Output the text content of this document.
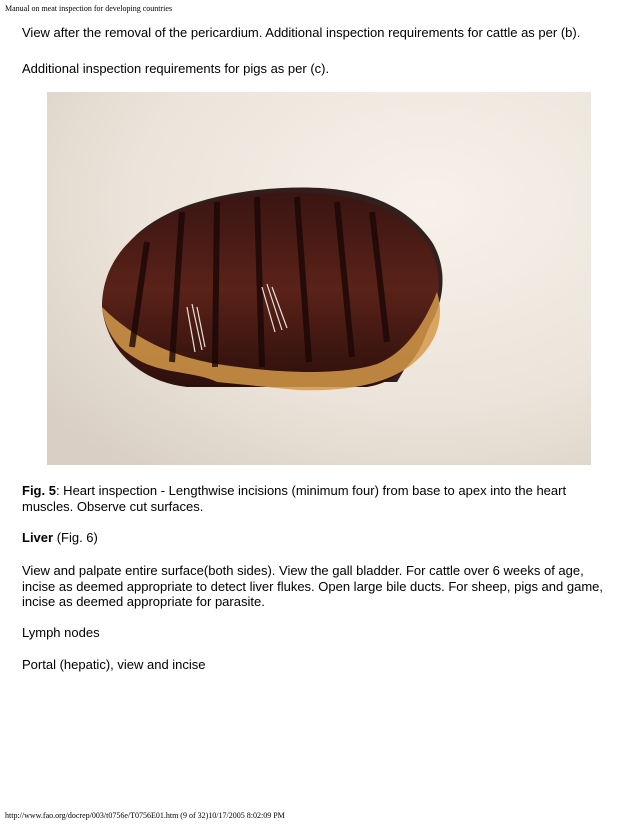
Manual on meat inspection for developing countries

View after the removal of the pericardium. Additional inspection requirements for cattle as per (b).

Additional inspection requirements for pigs as per (c).

Fig. 5: Heart inspection - Lengthwise incisions (minimum four) from base to apex into the heart muscles. Observe cut surfaces.

Liver (Fig. 6)

View and palpate entire surface(both sides). View the gall bladder. For cattle over 6 weeks of age, incise as deemed appropriate to detect liver flukes. Open large bile ducts. For sheep, pigs and game, incise as deemed appropriate for parasite.

Lymph nodes

Portal (hepatic), view and incise

http://www.fao.org/docrep/003/t0756e/T0756E01.htm (9 of 32)10/17/2005 8:02:09 PM
